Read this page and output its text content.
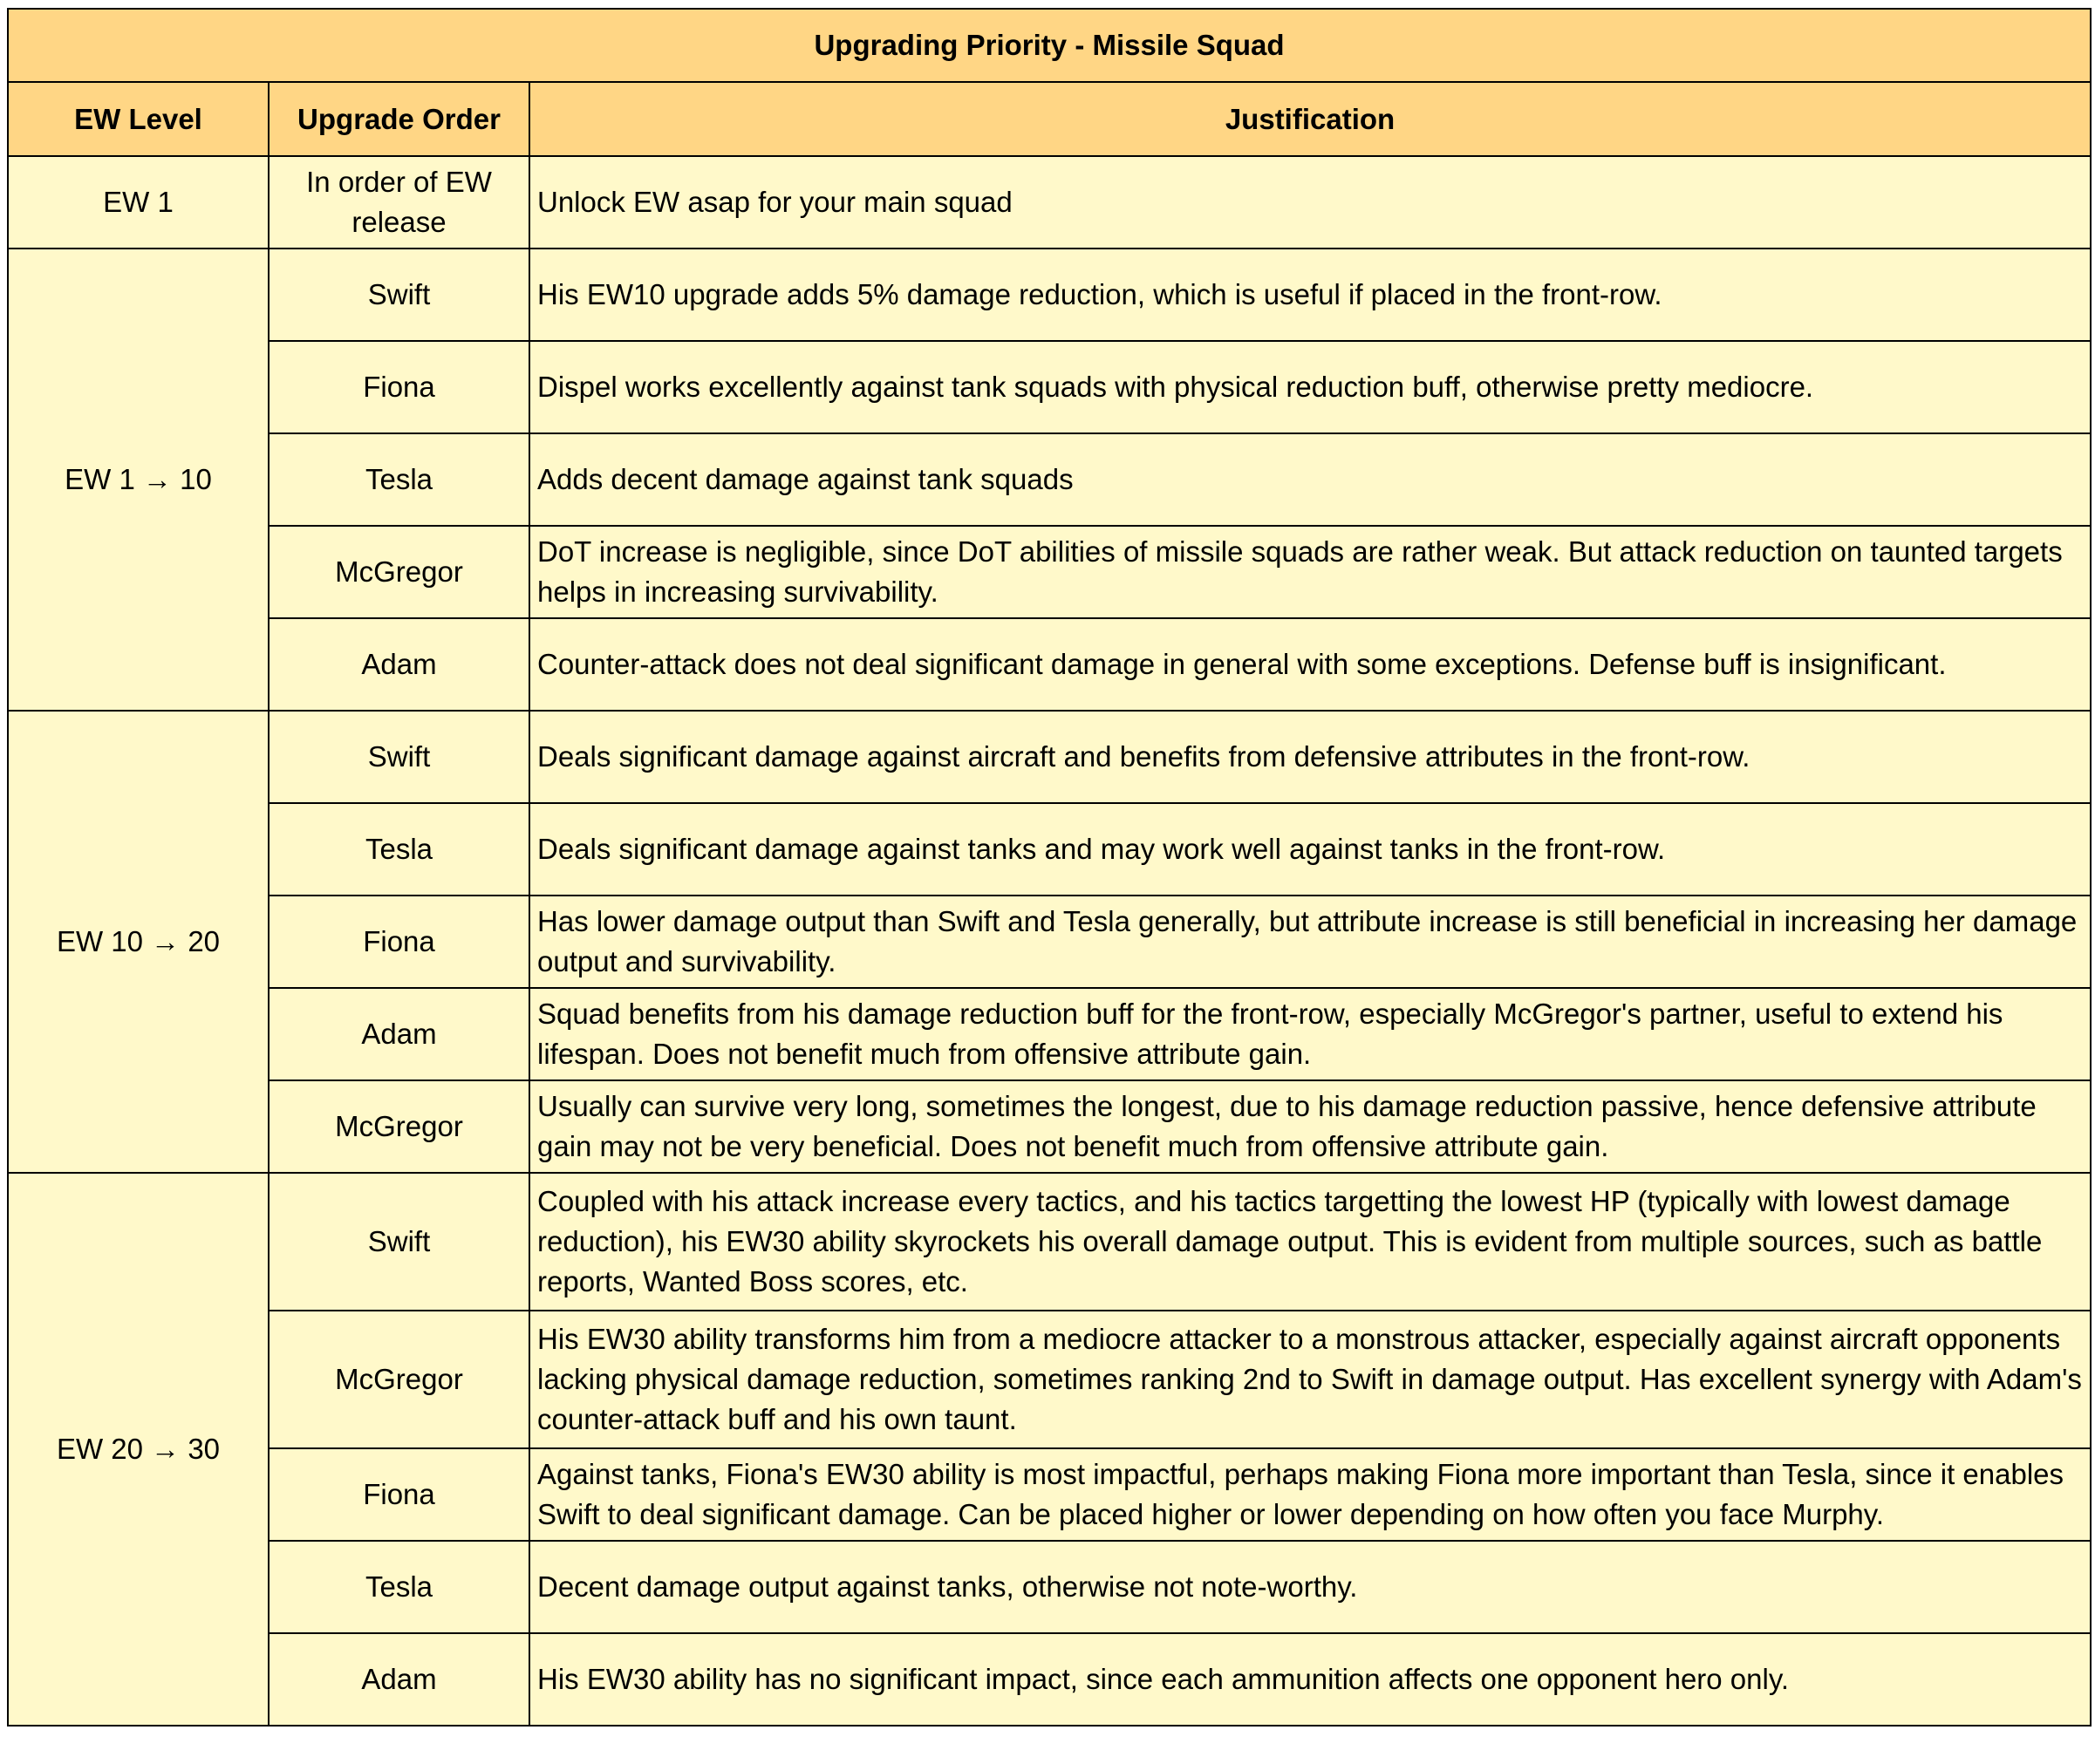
Upgrading Priority - Missile Squad		
EW Level	Upgrade Order	Justification
EW 1	In order of EW release	Unlock EW asap for your main squad
EW 1 → 10	Swift	His EW10 upgrade adds 5% damage reduction, which is useful if placed in the front-row.
	Fiona	Dispel works excellently against tank squads with physical reduction buff, otherwise pretty mediocre.
	Tesla	Adds decent damage against tank squads
	McGregor	DoT increase is negligible, since DoT abilities of missile squads are rather weak. But attack reduction on taunted targets helps in increasing survivability.
	Adam	Counter-attack does not deal significant damage in general with some exceptions. Defense buff is insignificant.
EW 10 → 20	Swift	Deals significant damage against aircraft and benefits from defensive attributes in the front-row.
	Tesla	Deals significant damage against tanks and may work well against tanks in the front-row.
	Fiona	Has lower damage output than Swift and Tesla generally, but attribute increase is still beneficial in increasing her damage output and survivability.
	Adam	Squad benefits from his damage reduction buff for the front-row, especially McGregor's partner, useful to extend his lifespan. Does not benefit much from offensive attribute gain.
	McGregor	Usually can survive very long, sometimes the longest, due to his damage reduction passive, hence defensive attribute gain may not be very beneficial. Does not benefit much from offensive attribute gain.
EW 20 → 30	Swift	Coupled with his attack increase every tactics, and his tactics targetting the lowest HP (typically with lowest damage reduction), his EW30 ability skyrockets his overall damage output. This is evident from multiple sources, such as battle reports, Wanted Boss scores, etc.
	McGregor	His EW30 ability transforms him from a mediocre attacker to a monstrous attacker, especially against aircraft opponents lacking physical damage reduction, sometimes ranking 2nd to Swift in damage output. Has excellent synergy with Adam's counter-attack buff and his own taunt.
	Fiona	Against tanks, Fiona's EW30 ability is most impactful, perhaps making Fiona more important than Tesla, since it enables Swift to deal significant damage. Can be placed higher or lower depending on how often you face Murphy.
	Tesla	Decent damage output against tanks, otherwise not note-worthy.
	Adam	His EW30 ability has no significant impact, since each ammunition affects one opponent hero only.
